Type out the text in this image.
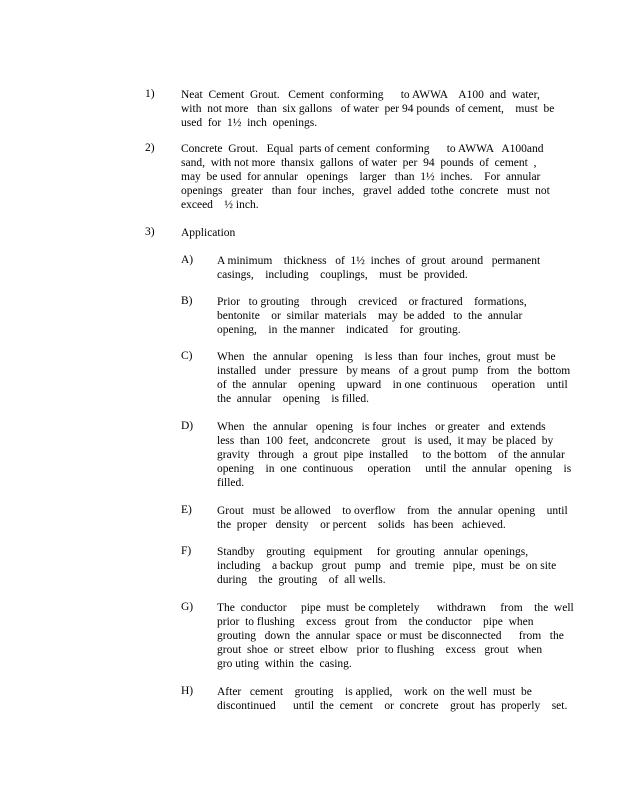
1) Neat  Cement  Grout.   Cement  conforming      to AWWA    A100  and  water,
with  not more   than  six gallons   of water  per 94 pounds  of cement,    must  be
used  for  1½  inch  openings.
2) Concrete  Grout.   Equal  parts of cement  conforming      to AWWA   A100and
sand,  with not more  thansix  gallons  of water  per  94  pounds  of  cement  ,
may  be used  for annular   openings    larger   than  1½  inches.    For  annular
openings   greater   than  four  inches,   gravel  added  tothe  concrete   must  not
exceed    ½ inch.
3) Application
A) A minimum    thickness   of  1½  inches  of  grout  around   permanent
casings,    including    couplings,    must  be  provided.
B) Prior   to grouting    through    creviced    or fractured    formations,
bentonite    or  similar  materials    may  be added   to  the  annular
opening,    in  the manner    indicated    for  grouting.
C) When   the  annular   opening    is less  than  four  inches,  grout  must  be
installed   under   pressure   by means   of  a grout  pump   from   the  bottom
of  the  annular    opening    upward    in one  continuous     operation    until
the  annular    opening    is filled.
D) When   the  annular   opening   is four  inches   or greater   and  extends
less  than  100  feet,  andconcrete    grout   is  used,  it may  be placed  by
gravity   through   a  grout  pipe  installed     to  the bottom    of  the annular
opening    in  one  continuous     operation     until  the  annular   opening    is
filled.
E) Grout   must  be allowed    to overflow    from   the  annular  opening    until
the  proper   density    or percent    solids   has been   achieved.
F) Standby    grouting   equipment     for  grouting   annular  openings,
including    a backup   grout   pump   and   tremie   pipe,  must  be  on site
during    the  grouting    of  all wells.
G) The  conductor     pipe  must  be completely      withdrawn     from    the  well
prior  to flushing    excess   grout  from    the conductor    pipe  when
grouting   down  the  annular  space  or must  be disconnected      from   the
grout  shoe  or  street  elbow   prior  to flushing    excess   grout   when
gro uting  within  the  casing.
H) After   cement    grouting    is applied,    work  on  the well  must  be
discontinued      until  the  cement    or  concrete    grout  has  properly    set.
